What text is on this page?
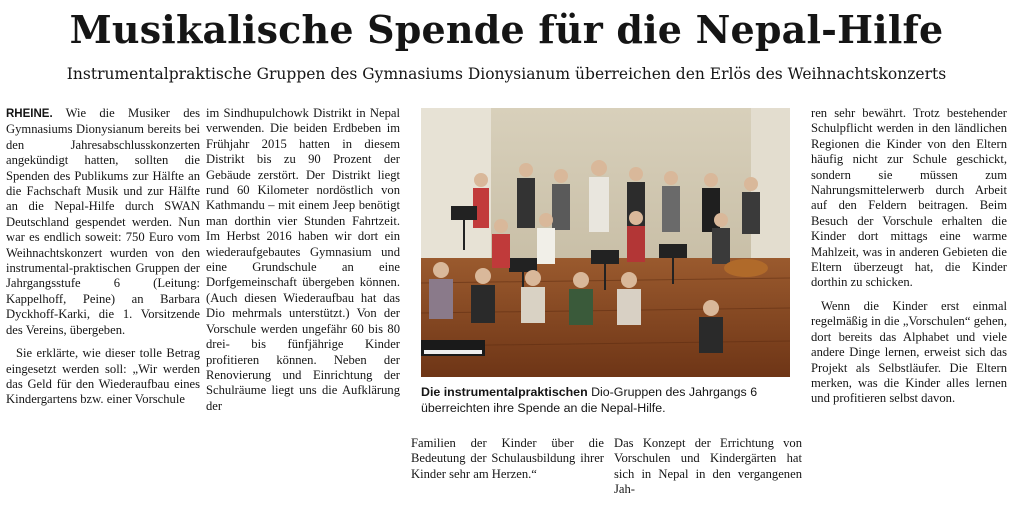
Musikalische Spende für die Nepal-Hilfe

Instrumentalpraktische Gruppen des Gymnasiums Dionysianum überreichen den Erlös des Weihnachtskonzerts

RHEINE. Wie die Musiker des Gymnasiums Dionysianum bereits bei den Jahresabschlusskonzerten angekündigt hatten, sollten die Spenden des Publikums zur Hälfte an die Fachschaft Musik und zur Hälfte an die Nepal-Hilfe durch SWAN Deutschland gespendet werden. Nun war es endlich soweit: 750 Euro vom Weihnachtskonzert wurden von den instrumental-praktischen Gruppen der Jahrgangsstufe 6 (Leitung: Kappelhoff, Peine) an Barbara Dyckhoff-Karki, die 1. Vorsitzende des Vereins, übergeben.

Sie erklärte, wie dieser tolle Betrag eingesetzt werden soll: „Wir werden das Geld für den Wiederaufbau eines Kindergartens bzw. einer Vorschule

im Sindhupulchowk Distrikt in Nepal verwenden. Die beiden Erdbeben im Frühjahr 2015 hatten in diesem Distrikt bis zu 90 Prozent der Gebäude zerstört. Der Distrikt liegt rund 60 Kilometer nordöstlich von Kathmandu – mit einem Jeep benötigt man dorthin vier Stunden Fahrtzeit. Im Herbst 2016 haben wir dort ein wiederaufgebautes Gymnasium und eine Grundschule an eine Dorfgemeinschaft übergeben können. (Auch diesen Wiederaufbau hat das Dio mehrmals unterstützt.) Von der Vorschule werden ungefähr 60 bis 80 drei- bis fünfjährige Kinder profitieren können. Neben der Renovierung und Einrichtung der Schulräume liegt uns die Aufklärung der

Die instrumentalpraktischen Dio-Gruppen des Jahrgangs 6 überreichten ihre Spende an die Nepal-Hilfe.

Familien der Kinder über die Bedeutung der Schulausbildung ihrer Kinder sehr am Herzen.“

Das Konzept der Errichtung von Vorschulen und Kindergärten hat sich in Nepal in den vergangenen Jah-

ren sehr bewährt. Trotz bestehender Schulpflicht werden in den ländlichen Regionen die Kinder von den Eltern häufig nicht zur Schule geschickt, sondern sie müssen zum Nahrungsmittelerwerb durch Arbeit auf den Feldern beitragen. Beim Besuch der Vorschule erhalten die Kinder dort mittags eine warme Mahlzeit, was in anderen Gebieten die Eltern überzeugt hat, die Kinder dorthin zu schicken.

Wenn die Kinder erst einmal regelmäßig in die „Vorschulen“ gehen, dort bereits das Alphabet und viele andere Dinge lernen, erweist sich das Projekt als Selbstläufer. Die Eltern merken, was die Kinder alles lernen und profitieren selbst davon.
